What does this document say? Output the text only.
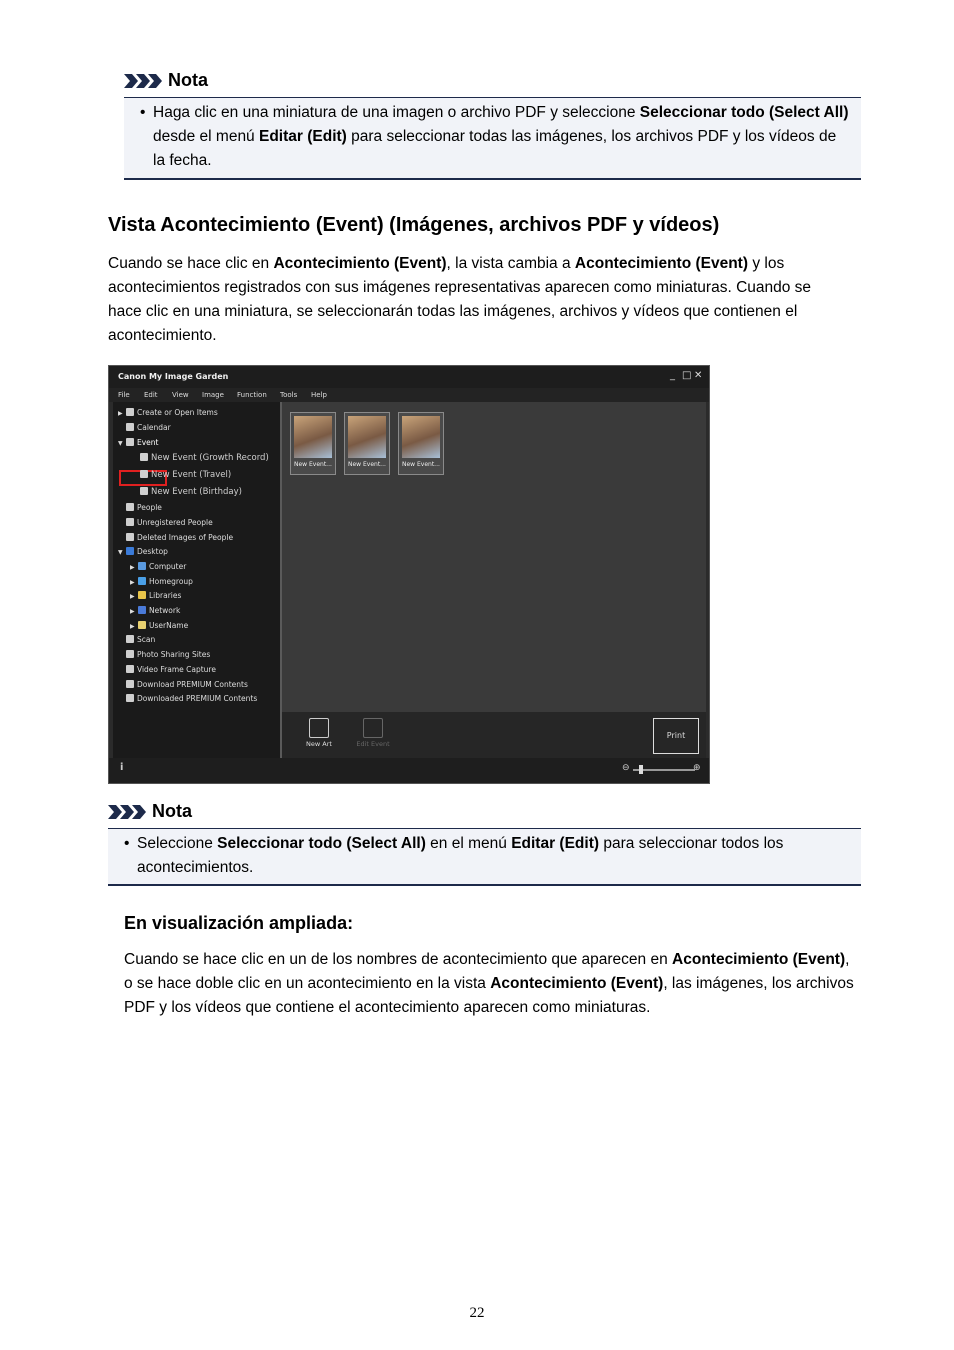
Nota
• Haga clic en una miniatura de una imagen o archivo PDF y seleccione Seleccionar todo (Select All) desde el menú Editar (Edit) para seleccionar todas las imágenes, los archivos PDF y los vídeos de la fecha.
Vista Acontecimiento (Event) (Imágenes, archivos PDF y vídeos)
Cuando se hace clic en Acontecimiento (Event), la vista cambia a Acontecimiento (Event) y los acontecimientos registrados con sus imágenes representativas aparecen como miniaturas. Cuando se hace clic en una miniatura, se seleccionarán todas las imágenes, archivos y vídeos que contienen el acontecimiento.
Canon My Image Garden	_ □ ✕
File Edit View Image Function Tools Help
▶ Create or Open Items
Calendar
▼ Event
New Event (Growth Record)
New Event (Travel)
New Event (Birthday)
People
Unregistered People
Deleted Images of People
▼ Desktop
▶ Computer
▶ Homegroup
▶ Libraries
▶ Network
▶ UserName
Scan
Photo Sharing Sites
Video Frame Capture
Download PREMIUM Contents
Downloaded PREMIUM Contents
New Event...	New Event...	New Event...
New Art	Edit Event
Print
i	⊖	⊕
Nota
• Seleccione Seleccionar todo (Select All) en el menú Editar (Edit) para seleccionar todos los acontecimientos.
En visualización ampliada:
Cuando se hace clic en un de los nombres de acontecimiento que aparecen en Acontecimiento (Event), o se hace doble clic en un acontecimiento en la vista Acontecimiento (Event), las imágenes, los archivos PDF y los vídeos que contiene el acontecimiento aparecen como miniaturas.
22
